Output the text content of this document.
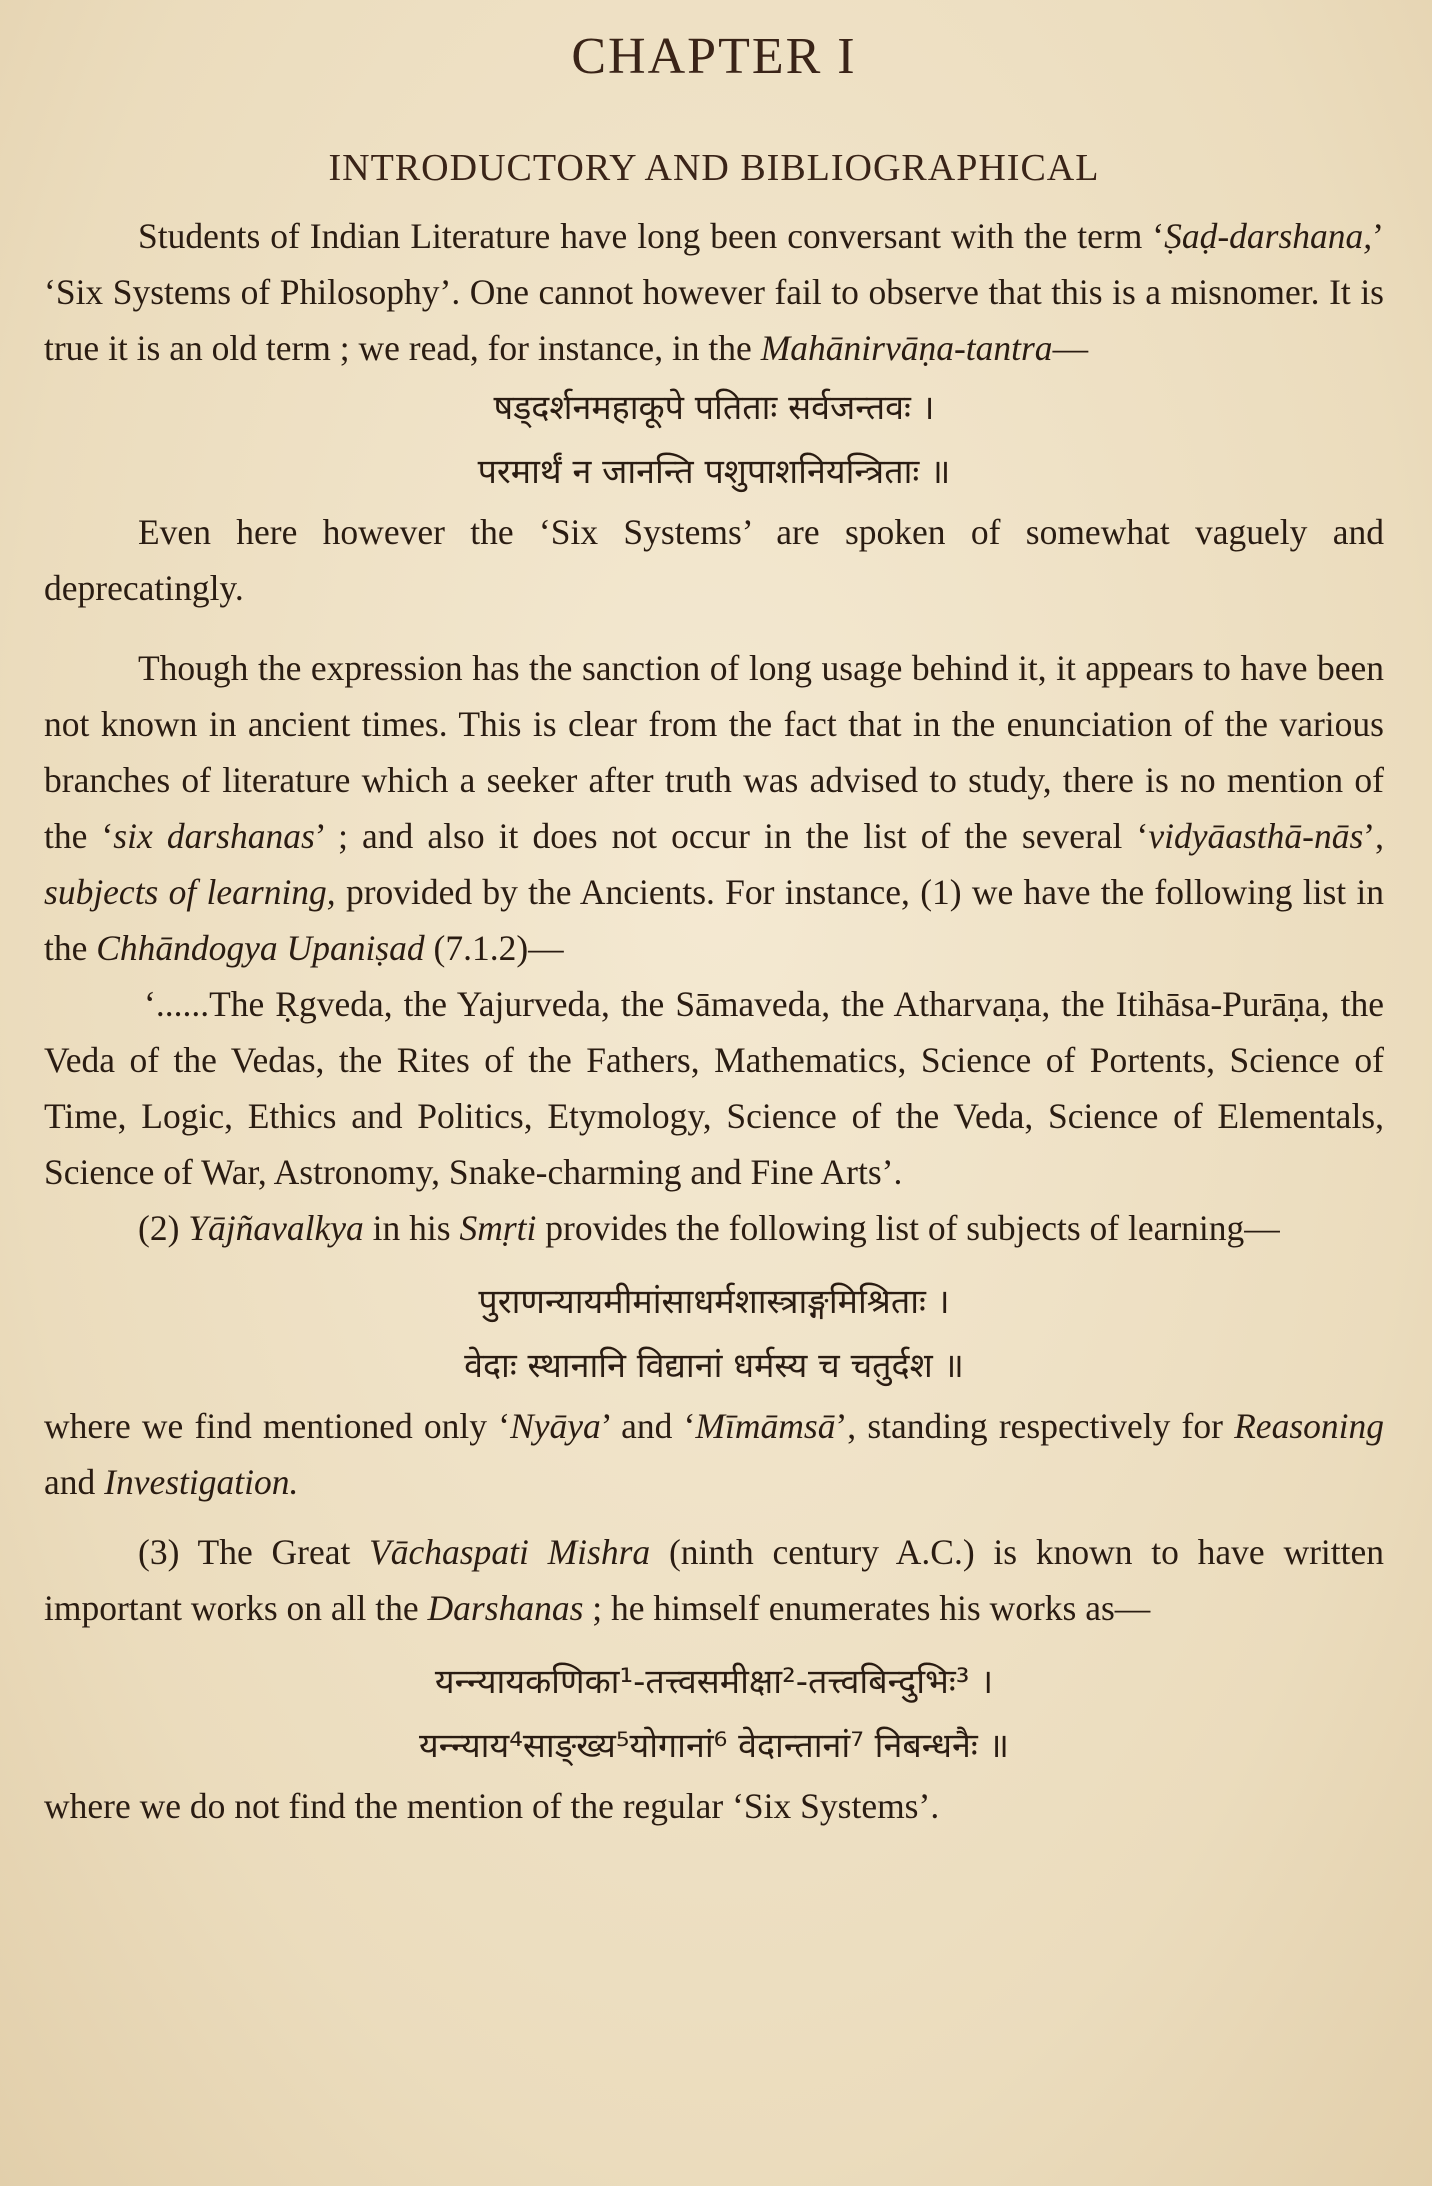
CHAPTER I
INTRODUCTORY AND BIBLIOGRAPHICAL

Students of Indian Literature have long been conversant with the term ‘Ṣaḍ-darshana,’ ‘Six Systems of Philosophy’. One cannot however fail to observe that this is a misnomer. It is true it is an old term ; we read, for instance, in the Mahānirvāṇa-tantra—

षड्दर्शनमहाकूपे पतिताः सर्वजन्तवः ।
परमार्थं न जानन्ति पशुपाशनियन्त्रिताः ॥

Even here however the ‘Six Systems’ are spoken of somewhat vaguely and deprecatingly.

Though the expression has the sanction of long usage behind it, it appears to have been not known in ancient times. This is clear from the fact that in the enunciation of the various branches of literature which a seeker after truth was advised to study, there is no mention of the ‘six darshanas’ ; and also it does not occur in the list of the several ‘vidyāasthā-nās’, subjects of learning, provided by the Ancients. For instance, (1) we have the following list in the Chhāndogya Upaniṣad (7.1.2)—

‘......The Ṛgveda, the Yajurveda, the Sāmaveda, the Atharvaṇa, the Itihāsa-Purāṇa, the Veda of the Vedas, the Rites of the Fathers, Mathematics, Science of Portents, Science of Time, Logic, Ethics and Politics, Etymology, Science of the Veda, Science of Elementals, Science of War, Astronomy, Snake-charming and Fine Arts’.

(2) Yājñavalkya in his Smṛti provides the following list of subjects of learning—

पुराणन्यायमीमांसाधर्मशास्त्राङ्गमिश्रिताः ।
वेदाः स्थानानि विद्यानां धर्मस्य च चतुर्दश ॥

where we find mentioned only ‘Nyāya’ and ‘Mīmāmsā’, standing respectively for Reasoning and Investigation.

(3) The Great Vāchaspati Mishra (ninth century A.C.) is known to have written important works on all the Darshanas ; he himself enumerates his works as—

यन्न्यायकणिका¹-तत्त्वसमीक्षा²-तत्त्वबिन्दुभिः³ ।
यन्न्याय⁴साङ्ख्य⁵योगानां⁶ वेदान्तानां⁷ निबन्धनैः ॥

where we do not find the mention of the regular ‘Six Systems’.
